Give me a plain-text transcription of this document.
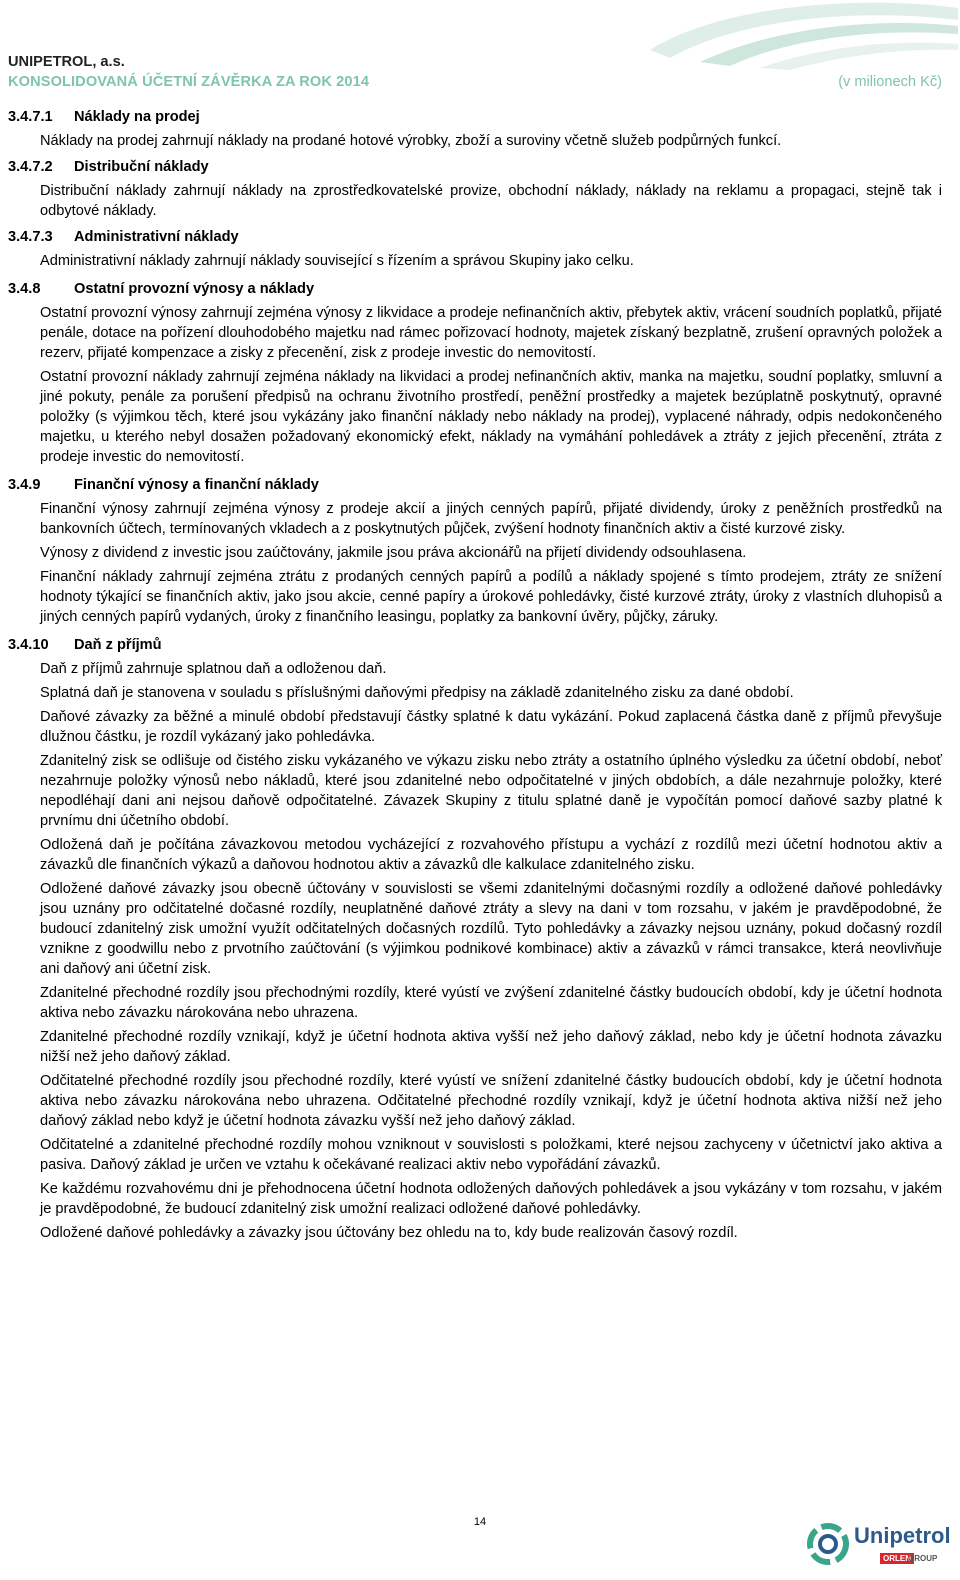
UNIPETROL, a.s.
KONSOLIDOVANÁ ÚČETNÍ ZÁVĚRKA ZA ROK 2014	(v milionech Kč)
3.4.7.1	Náklady na prodej

Náklady na prodej zahrnují náklady na prodané hotové výrobky, zboží a suroviny včetně služeb podpůrných funkcí.

3.4.7.2	Distribuční náklady

Distribuční náklady zahrnují náklady na zprostředkovatelské provize, obchodní náklady, náklady na reklamu a propagaci, stejně tak i odbytové náklady.

3.4.7.3	Administrativní náklady

Administrativní náklady zahrnují náklady související s řízením a správou Skupiny jako celku.

3.4.8	Ostatní provozní výnosy a náklady

Ostatní provozní výnosy zahrnují zejména výnosy z likvidace a prodeje nefinančních aktiv, přebytek aktiv, vrácení soudních poplatků, přijaté penále, dotace na pořízení dlouhodobého majetku nad rámec pořizovací hodnoty, majetek získaný bezplatně, zrušení opravných položek a rezerv, přijaté kompenzace a zisky z přecenění, zisk z prodeje investic do nemovitostí.

Ostatní provozní náklady zahrnují zejména náklady na likvidaci a prodej nefinančních aktiv, manka na majetku, soudní poplatky, smluvní a jiné pokuty, penále za porušení předpisů na ochranu životního prostředí, peněžní prostředky a majetek bezúplatně poskytnutý, opravné položky (s výjimkou těch, které jsou vykázány jako finanční náklady nebo náklady na prodej), vyplacené náhrady, odpis nedokončeného majetku, u kterého nebyl dosažen požadovaný ekonomický efekt, náklady na vymáhání pohledávek a ztráty z jejich přecenění, ztráta z prodeje investic do nemovitostí.

3.4.9	Finanční výnosy a finanční náklady

Finanční výnosy zahrnují zejména výnosy z prodeje akcií a jiných cenných papírů, přijaté dividendy, úroky z peněžních prostředků na bankovních účtech, termínovaných vkladech a z poskytnutých půjček, zvýšení hodnoty finančních aktiv a čisté kurzové zisky.

Výnosy z dividend z investic jsou zaúčtovány, jakmile jsou práva akcionářů na přijetí dividendy odsouhlasena.

Finanční náklady zahrnují zejména ztrátu z prodaných cenných papírů a podílů a náklady spojené s tímto prodejem, ztráty ze snížení hodnoty týkající se finančních aktiv, jako jsou akcie, cenné papíry a úrokové pohledávky, čisté kurzové ztráty, úroky z vlastních dluhopisů a jiných cenných papírů vydaných, úroky z finančního leasingu, poplatky za bankovní úvěry, půjčky, záruky.

3.4.10	Daň z příjmů

Daň z příjmů zahrnuje splatnou daň a odloženou daň.

Splatná daň je stanovena v souladu s příslušnými daňovými předpisy na základě zdanitelného zisku za dané období.

Daňové závazky za běžné a minulé období představují částky splatné k datu vykázání. Pokud zaplacená částka daně z příjmů převyšuje dlužnou částku, je rozdíl vykázaný jako pohledávka.

Zdanitelný zisk se odlišuje od čistého zisku vykázaného ve výkazu zisku nebo ztráty a ostatního úplného výsledku za účetní období, neboť nezahrnuje položky výnosů nebo nákladů, které jsou zdanitelné nebo odpočitatelné v jiných obdobích, a dále nezahrnuje položky, které nepodléhají dani ani nejsou daňově odpočitatelné. Závazek Skupiny z titulu splatné daně je vypočítán pomocí daňové sazby platné k prvnímu dni účetního období.

Odložená daň je počítána závazkovou metodou vycházející z rozvahového přístupu a vychází z rozdílů mezi účetní hodnotou aktiv a závazků dle finančních výkazů a daňovou hodnotou aktiv a závazků dle kalkulace zdanitelného zisku.

Odložené daňové závazky jsou obecně účtovány v souvislosti se všemi zdanitelnými dočasnými rozdíly a odložené daňové pohledávky jsou uznány pro odčitatelné dočasné rozdíly, neuplatněné daňové ztráty a slevy na dani v tom rozsahu, v jakém je pravděpodobné, že budoucí zdanitelný zisk umožní využít odčitatelných dočasných rozdílů. Tyto pohledávky a závazky nejsou uznány, pokud dočasný rozdíl vznikne z goodwillu nebo z prvotního zaúčtování (s výjimkou podnikové kombinace) aktiv a závazků v rámci transakce, která neovlivňuje ani daňový ani účetní zisk.

Zdanitelné přechodné rozdíly jsou přechodnými rozdíly, které vyústí ve zvýšení zdanitelné částky budoucích období, kdy je účetní hodnota aktiva nebo závazku nárokována nebo uhrazena.

Zdanitelné přechodné rozdíly vznikají, když je účetní hodnota aktiva vyšší než jeho daňový základ, nebo kdy je účetní hodnota závazku nižší než jeho daňový základ.

Odčitatelné přechodné rozdíly jsou přechodné rozdíly, které vyústí ve snížení zdanitelné částky budoucích období, kdy je účetní hodnota aktiva nebo závazku nárokována nebo uhrazena. Odčitatelné přechodné rozdíly vznikají, když je účetní hodnota aktiva nižší než jeho daňový základ nebo když je účetní hodnota závazku vyšší než jeho daňový základ.

Odčitatelné a zdanitelné přechodné rozdíly mohou vzniknout v souvislosti s položkami, které nejsou zachyceny v účetnictví jako aktiva a pasiva. Daňový základ je určen ve vztahu k očekávané realizaci aktiv nebo vypořádání závazků.

Ke každému rozvahovému dni je přehodnocena účetní hodnota odložených daňových pohledávek a jsou vykázány v tom rozsahu, v jakém je pravděpodobné, že budoucí zdanitelný zisk umožní realizaci odložené daňové pohledávky.

Odložené daňové pohledávky a závazky jsou účtovány bez ohledu na to, kdy bude realizován časový rozdíl.

14
Unipetrol
ORLEN
GROUP
